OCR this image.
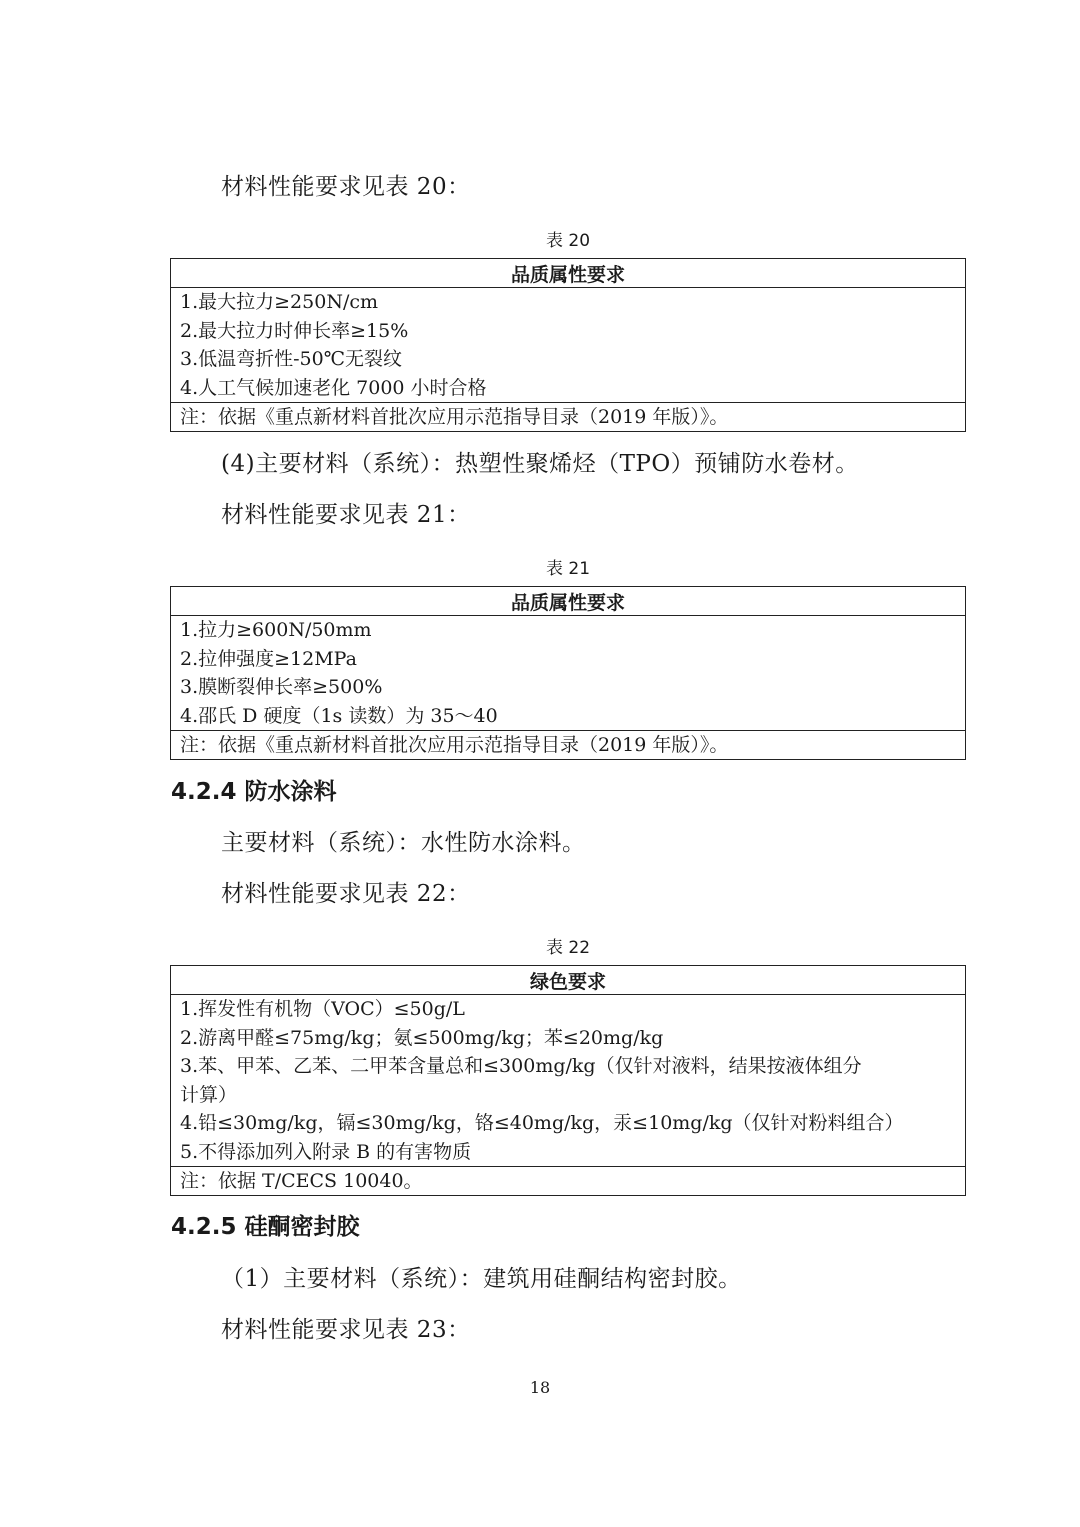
材料性能要求见表 20：
表 20
品质属性要求

1.最大拉力≥250N/cm
2.最大拉力时伸长率≥15%
3.低温弯折性-50℃无裂纹
4.人工气候加速老化 7000 小时合格

注：依据《重点新材料首批次应用示范指导目录（2019 年版）》。
(4)主要材料（系统）：热塑性聚烯烃（TPO）预铺防水卷材。
材料性能要求见表 21：
表 21
品质属性要求

1.拉力≥600N/50mm
2.拉伸强度≥12MPa
3.膜断裂伸长率≥500%
4.邵氏 D 硬度（1s 读数）为 35～40

注：依据《重点新材料首批次应用示范指导目录（2019 年版）》。
4.2.4 防水涂料
主要材料（系统）：水性防水涂料。
材料性能要求见表 22：
表 22
绿色要求

1.挥发性有机物（VOC）≤50g/L
2.游离甲醛≤75mg/kg；氨≤500mg/kg；苯≤20mg/kg
3.苯、甲苯、乙苯、二甲苯含量总和≤300mg/kg（仅针对液料，结果按液体组分
计算）
4.铅≤30mg/kg，镉≤30mg/kg，铬≤40mg/kg，汞≤10mg/kg（仅针对粉料组合）
5.不得添加列入附录 B 的有害物质

注：依据 T/CECS 10040。
4.2.5 硅酮密封胶
（1）主要材料（系统）：建筑用硅酮结构密封胶。
材料性能要求见表 23：
18
